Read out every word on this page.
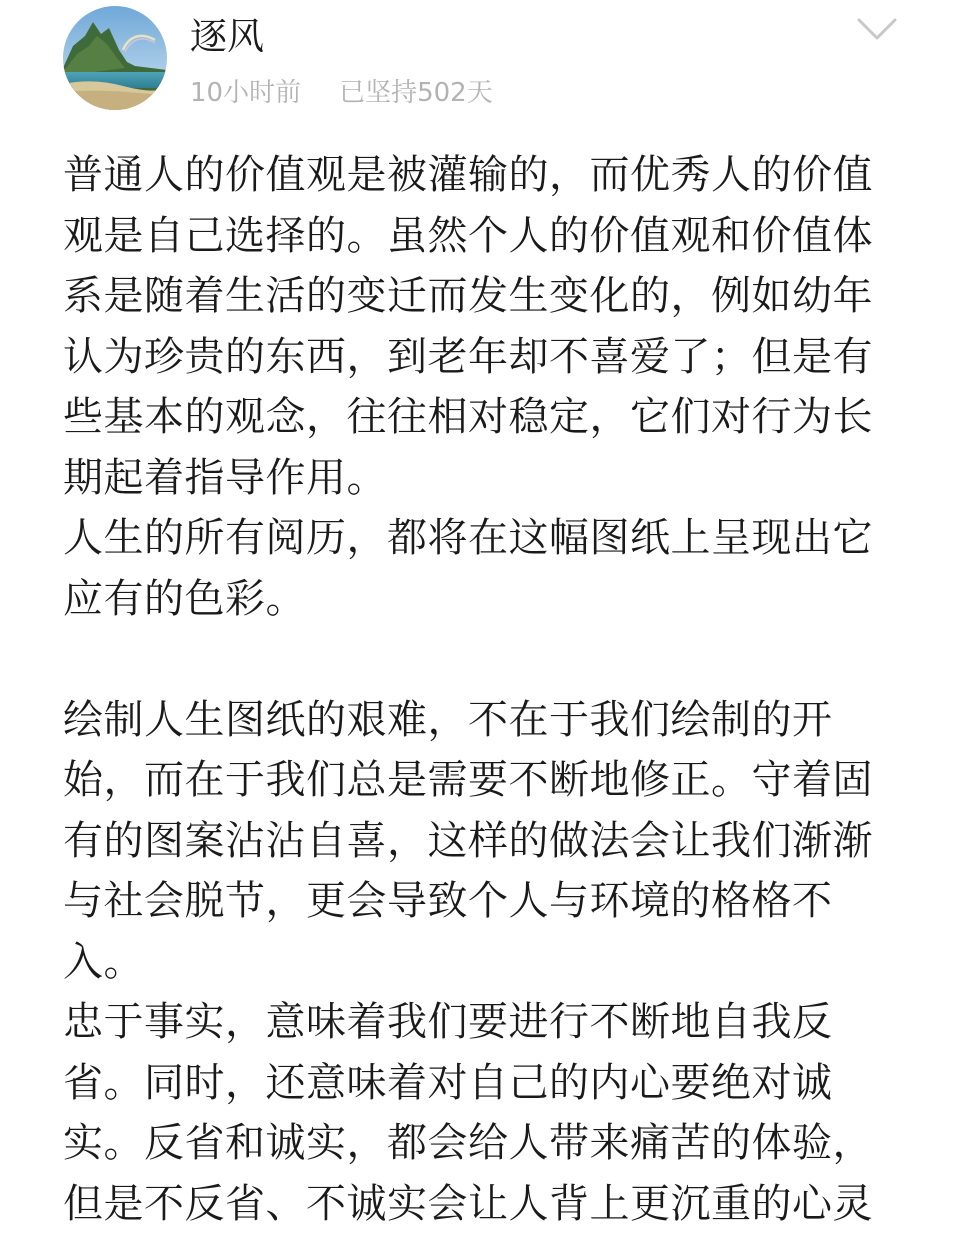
逐风
10小时前 已坚持502天

普通人的价值观是被灌输的，而优秀人的价值观是自己选择的。虽然个人的价值观和价值体系是随着生活的变迁而发生变化的，例如幼年认为珍贵的东西，到老年却不喜爱了；但是有些基本的观念，往往相对稳定，它们对行为长期起着指导作用。

人生的所有阅历，都将在这幅图纸上呈现出它应有的色彩。

绘制人生图纸的艰难，不在于我们绘制的开始，而在于我们总是需要不断地修正。守着固有的图案沾沾自喜，这样的做法会让我们渐渐与社会脱节，更会导致个人与环境的格格不入。

忠于事实，意味着我们要进行不断地自我反省。同时，还意味着对自己的内心要绝对诚实。反省和诚实，都会给人带来痛苦的体验，但是不反省、不诚实会让人背上更沉重的心灵
